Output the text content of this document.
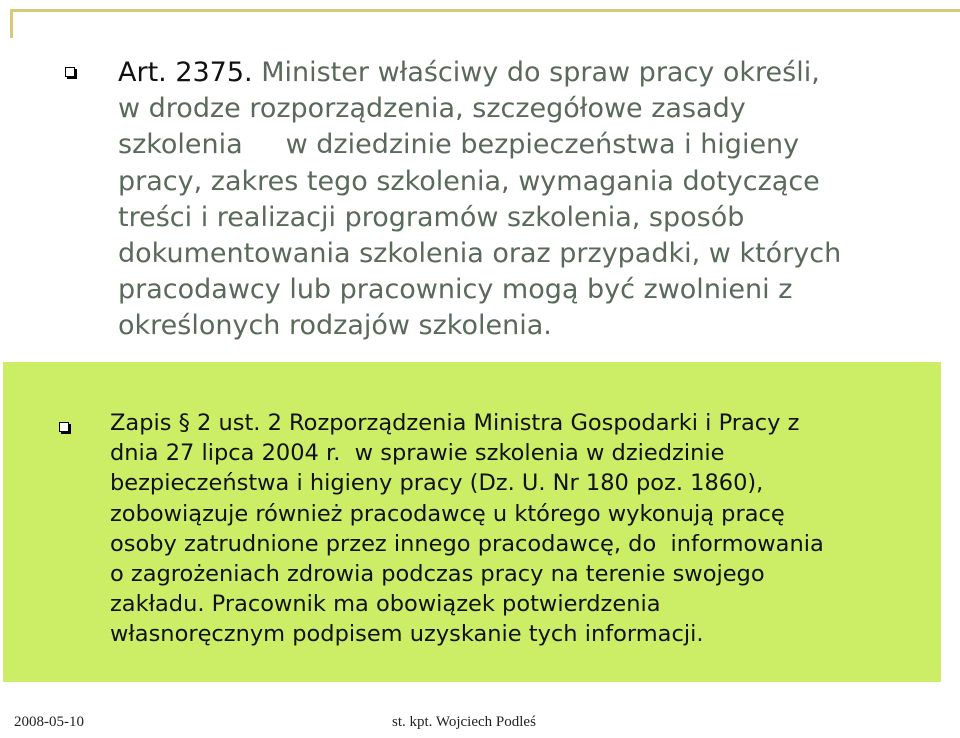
Art. 2375. Minister właściwy do spraw pracy określi,
w drodze rozporządzenia, szczegółowe zasady
szkolenia     w dziedzinie bezpieczeństwa i higieny
pracy, zakres tego szkolenia, wymagania dotyczące
treści i realizacji programów szkolenia, sposób
dokumentowania szkolenia oraz przypadki, w których
pracodawcy lub pracownicy mogą być zwolnieni z
określonych rodzajów szkolenia.
Zapis § 2 ust. 2 Rozporządzenia Ministra Gospodarki i Pracy z
dnia 27 lipca 2004 r.  w sprawie szkolenia w dziedzinie
bezpieczeństwa i higieny pracy (Dz. U. Nr 180 poz. 1860),
zobowiązuje również pracodawcę u którego wykonują pracę
osoby zatrudnione przez innego pracodawcę, do  informowania
o zagrożeniach zdrowia podczas pracy na terenie swojego
zakładu. Pracownik ma obowiązek potwierdzenia
własnoręcznym podpisem uzyskanie tych informacji.
2008-05-10	st. kpt. Wojciech Podleś
